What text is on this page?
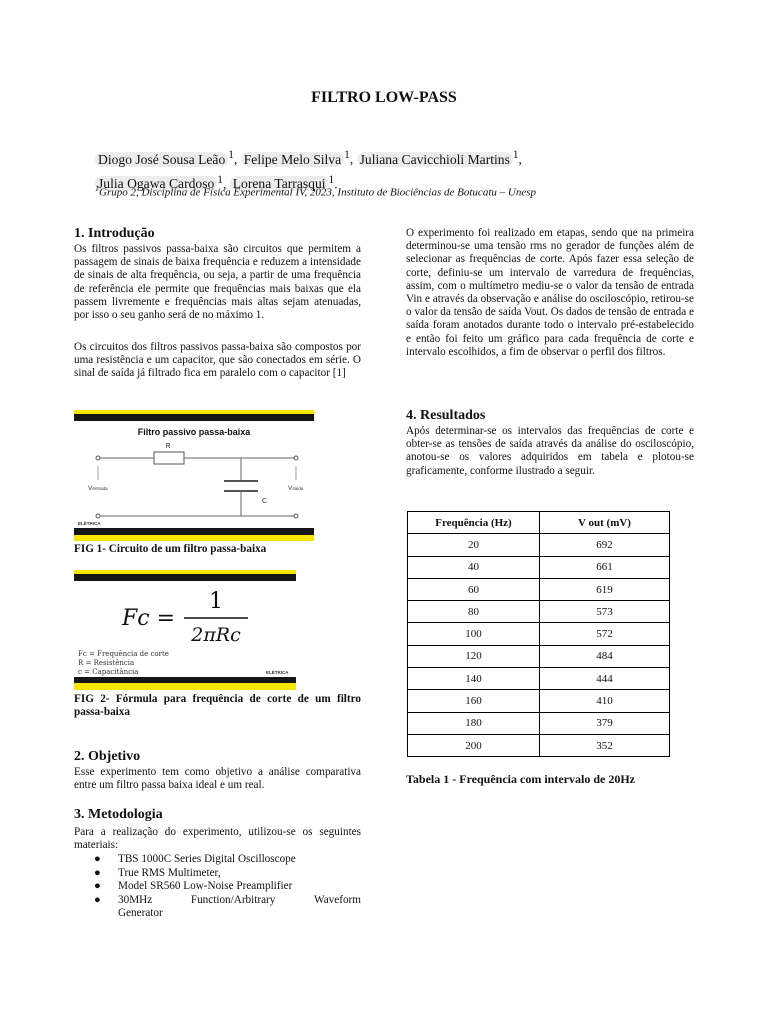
FILTRO LOW-PASS
Diogo José Sousa Leão $^1$, Felipe Melo Silva $^1$, Juliana Cavicchioli Martins $^1$,
Julia Ogawa Cardoso $^1$, Lorena Tarrasqui $^1$.
$^1$Grupo 2, Disciplina de Física Experimental IV, 2023, Instituto de Biociências de Botucatu – Unesp
1. Introdução

Os filtros passivos passa-baixa são circuitos que permitem a passagem de sinais de baixa frequência e reduzem a intensidade de sinais de alta frequência, ou seja, a partir de uma frequência de referência ele permite que frequências mais baixas que ela passem livremente e frequências mais altas sejam atenuadas, por isso o seu ganho será de no máximo 1.

Os circuitos dos filtros passivos passa-baixa são compostos por uma resistência e um capacitor, que são conectados em série. O sinal de saída já filtrado fica em paralelo com o capacitor [1]

Filtro passivo passa-baixa
R
C
Ventrada	Vsaída
ELÉTRICA
FIG 1- Circuito de um filtro passa-baixa
Fc =
1
2πRc
Fc = Frequência de corte
R = Resistência
c = Capacitância	ELÉTRICA
FIG 2- Fórmula para frequência de corte de um filtro passa-baixa
2. Objetivo

Esse experimento tem como objetivo a análise comparativa entre um filtro passa baixa ideal e um real.

3. Metodologia

Para a realização do experimento, utilizou-se os seguintes materiais:

● TBS 1000C Series Digital Oscilloscope
● True RMS Multimeter,
● Model SR560 Low-Noise Preamplifier
● 30MHz	Function/Arbitrary	Waveform
Generator

O experimento foi realizado em etapas, sendo que na primeira determinou-se uma tensão rms no gerador de funções além de selecionar as frequências de corte. Após fazer essa seleção de corte, definiu-se um intervalo de varredura de frequências, assim, com o multímetro mediu-se o valor da tensão de entrada Vin e através da observação e análise do osciloscópio, retirou-se o valor da tensão de saída Vout. Os dados de tensão de entrada e saída foram anotados durante todo o intervalo pré-estabelecido e então foi feito um gráfico para cada frequência de corte e intervalo escolhidos, a fim de observar o perfil dos filtros.

4. Resultados

Após determinar-se os intervalos das frequências de corte e obter-se as tensões de saída através da análise do osciloscópio, anotou-se os valores adquiridos em tabela e plotou-se graficamente, conforme ilustrado a seguir.

Frequência (Hz)	V out (mV)
20	692
40	661
60	619
80	573
100	572
120	484
140	444
160	410
180	379
200	352
Tabela 1 - Frequência com intervalo de 20Hz
